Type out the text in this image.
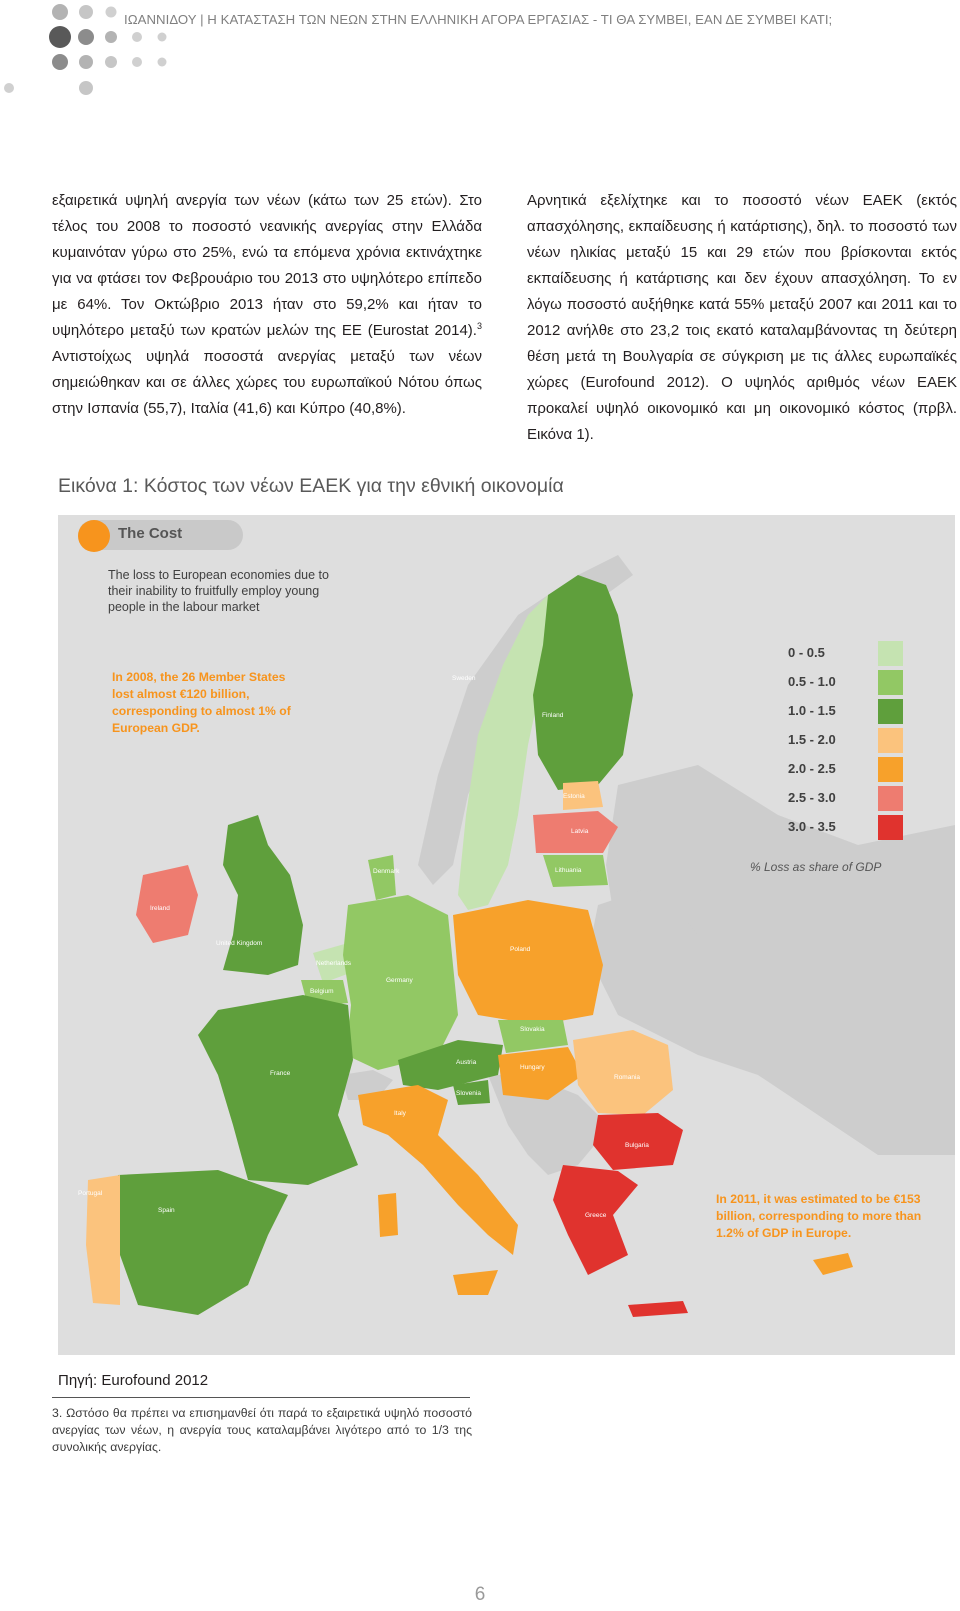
ΙΩΑΝΝΙΔΟΥ | Η ΚΑΤΑΣΤΑΣΗ ΤΩΝ ΝΕΩΝ ΣΤΗΝ ΕΛΛΗΝΙΚΗ ΑΓΟΡΑ ΕΡΓΑΣΙΑΣ - ΤΙ ΘΑ ΣΥΜΒΕΙ, ΕΑΝ ΔΕ ΣΥΜΒΕΙ ΚΑΤΙ;
εξαιρετικά υψηλή ανεργία των νέων (κάτω των 25 ετών). Στο τέλος του 2008 το ποσοστό νεανικής ανεργίας στην Ελλάδα κυμαινόταν γύρω στο 25%, ενώ τα επόμενα χρόνια εκτινάχτηκε για να φτάσει τον Φεβρουάριο του 2013 στο υψηλότερο επίπεδο με 64%. Τον Οκτώβριο 2013 ήταν στο 59,2% και ήταν το υψηλότερο μεταξύ των κρατών μελών της ΕΕ (Eurostat 2014).$^3$ Αντιστοίχως υψηλά ποσοστά ανεργίας μεταξύ των νέων σημειώθηκαν και σε άλλες χώρες του ευρωπαϊκού Νότου όπως στην Ισπανία (55,7), Ιταλία (41,6) και Κύπρο (40,8%).
Αρνητικά εξελίχτηκε και το ποσοστό νέων ΕΑΕΚ (εκτός απασχόλησης, εκπαίδευσης ή κατάρτισης), δηλ. το ποσοστό των νέων ηλικίας μεταξύ 15 και 29 ετών που βρίσκονται εκτός εκπαίδευσης ή κατάρτισης και δεν έχουν απασχόληση. Το εν λόγω ποσοστό αυξήθηκε κατά 55% μεταξύ 2007 και 2011 και το 2012 ανήλθε στο 23,2 τοις εκατό καταλαμβάνοντας τη δεύτερη θέση μετά τη Βουλγαρία σε σύγκριση με τις άλλες ευρωπαϊκές χώρες (Eurofound 2012). Ο υψηλός αριθμός νέων ΕΑΕΚ προκαλεί υψηλό οικονομικό και μη οικονομικό κόστος (πρβλ. Εικόνα 1).
Εικόνα 1: Κόστος των νέων ΕΑΕΚ για την εθνική οικονομία
Ireland
United Kingdom
France
Spain
Portugal
Germany
Belgium
Netherlands
Denmark
Sweden
Finland
Estonia
Latvia
Lithuania
Poland
Slovakia
Hungary
Austria
Slovenia
Italy
Romania
Bulgaria
Greece
The Cost
The loss to European economies due to their inability to fruitfully employ young people in the labour market
In 2008, the 26 Member States lost almost €120 billion, corresponding to almost 1% of European GDP.
In 2011, it was estimated to be €153 billion, corresponding to more than 1.2% of GDP in Europe.
0 - 0.5
0.5 - 1.0
1.0 - 1.5
1.5 - 2.0
2.0 - 2.5
2.5 - 3.0
3.0 - 3.5
% Loss as share of GDP
Πηγή: Eurofound 2012
3. Ωστόσο θα πρέπει να επισημανθεί ότι παρά το εξαιρετικά υψηλό ποσοστό ανεργίας των νέων, η ανεργία τους καταλαμβάνει λιγότερο από το 1/3 της συνολικής ανεργίας.
6
